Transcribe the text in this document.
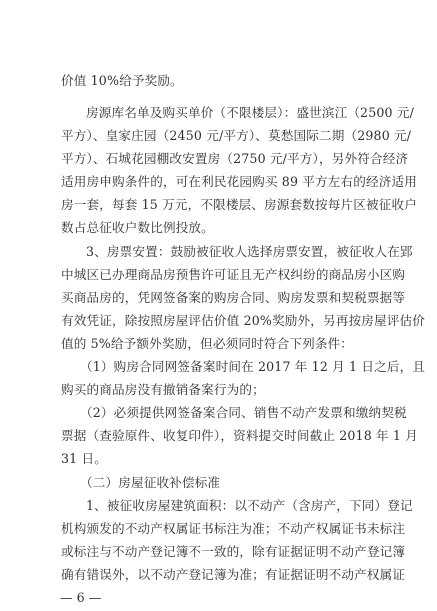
价值 10%给予奖励。
房源库名单及购买单价（不限楼层）：盛世滨江（2500 元/
平方）、皇家庄园（2450 元/平方）、莫愁国际二期（2980 元/
平方）、石城花园棚改安置房（2750 元/平方），另外符合经济
适用房申购条件的，可在利民花园购买 89 平方左右的经济适用
房一套，每套 15 万元，不限楼层、房源套数按每片区被征收户
数占总征收户数比例投放。
3、房票安置：鼓励被征收人选择房票安置，被征收人在郢
中城区已办理商品房预售许可证且无产权纠纷的商品房小区购
买商品房的，凭网签备案的购房合同、购房发票和契税票据等
有效凭证，除按照房屋评估价值 20%奖励外，另再按房屋评估价
值的 5%给予额外奖励，但必须同时符合下列条件：
（1）购房合同网签备案时间在 2017 年 12 月 1 日之后，且
购买的商品房没有撤销备案行为的；
（2）必须提供网签备案合同、销售不动产发票和缴纳契税
票据（查验原件、收复印件），资料提交时间截止 2018 年 1 月
31 日。
（二）房屋征收补偿标准
1、被征收房屋建筑面积：以不动产（含房产，下同）登记
机构颁发的不动产权属证书标注为准；不动产权属证书未标注
或标注与不动产登记簿不一致的，除有证据证明不动产登记簿
确有错误外，以不动产登记簿为准；有证据证明不动产权属证
— 6 —
